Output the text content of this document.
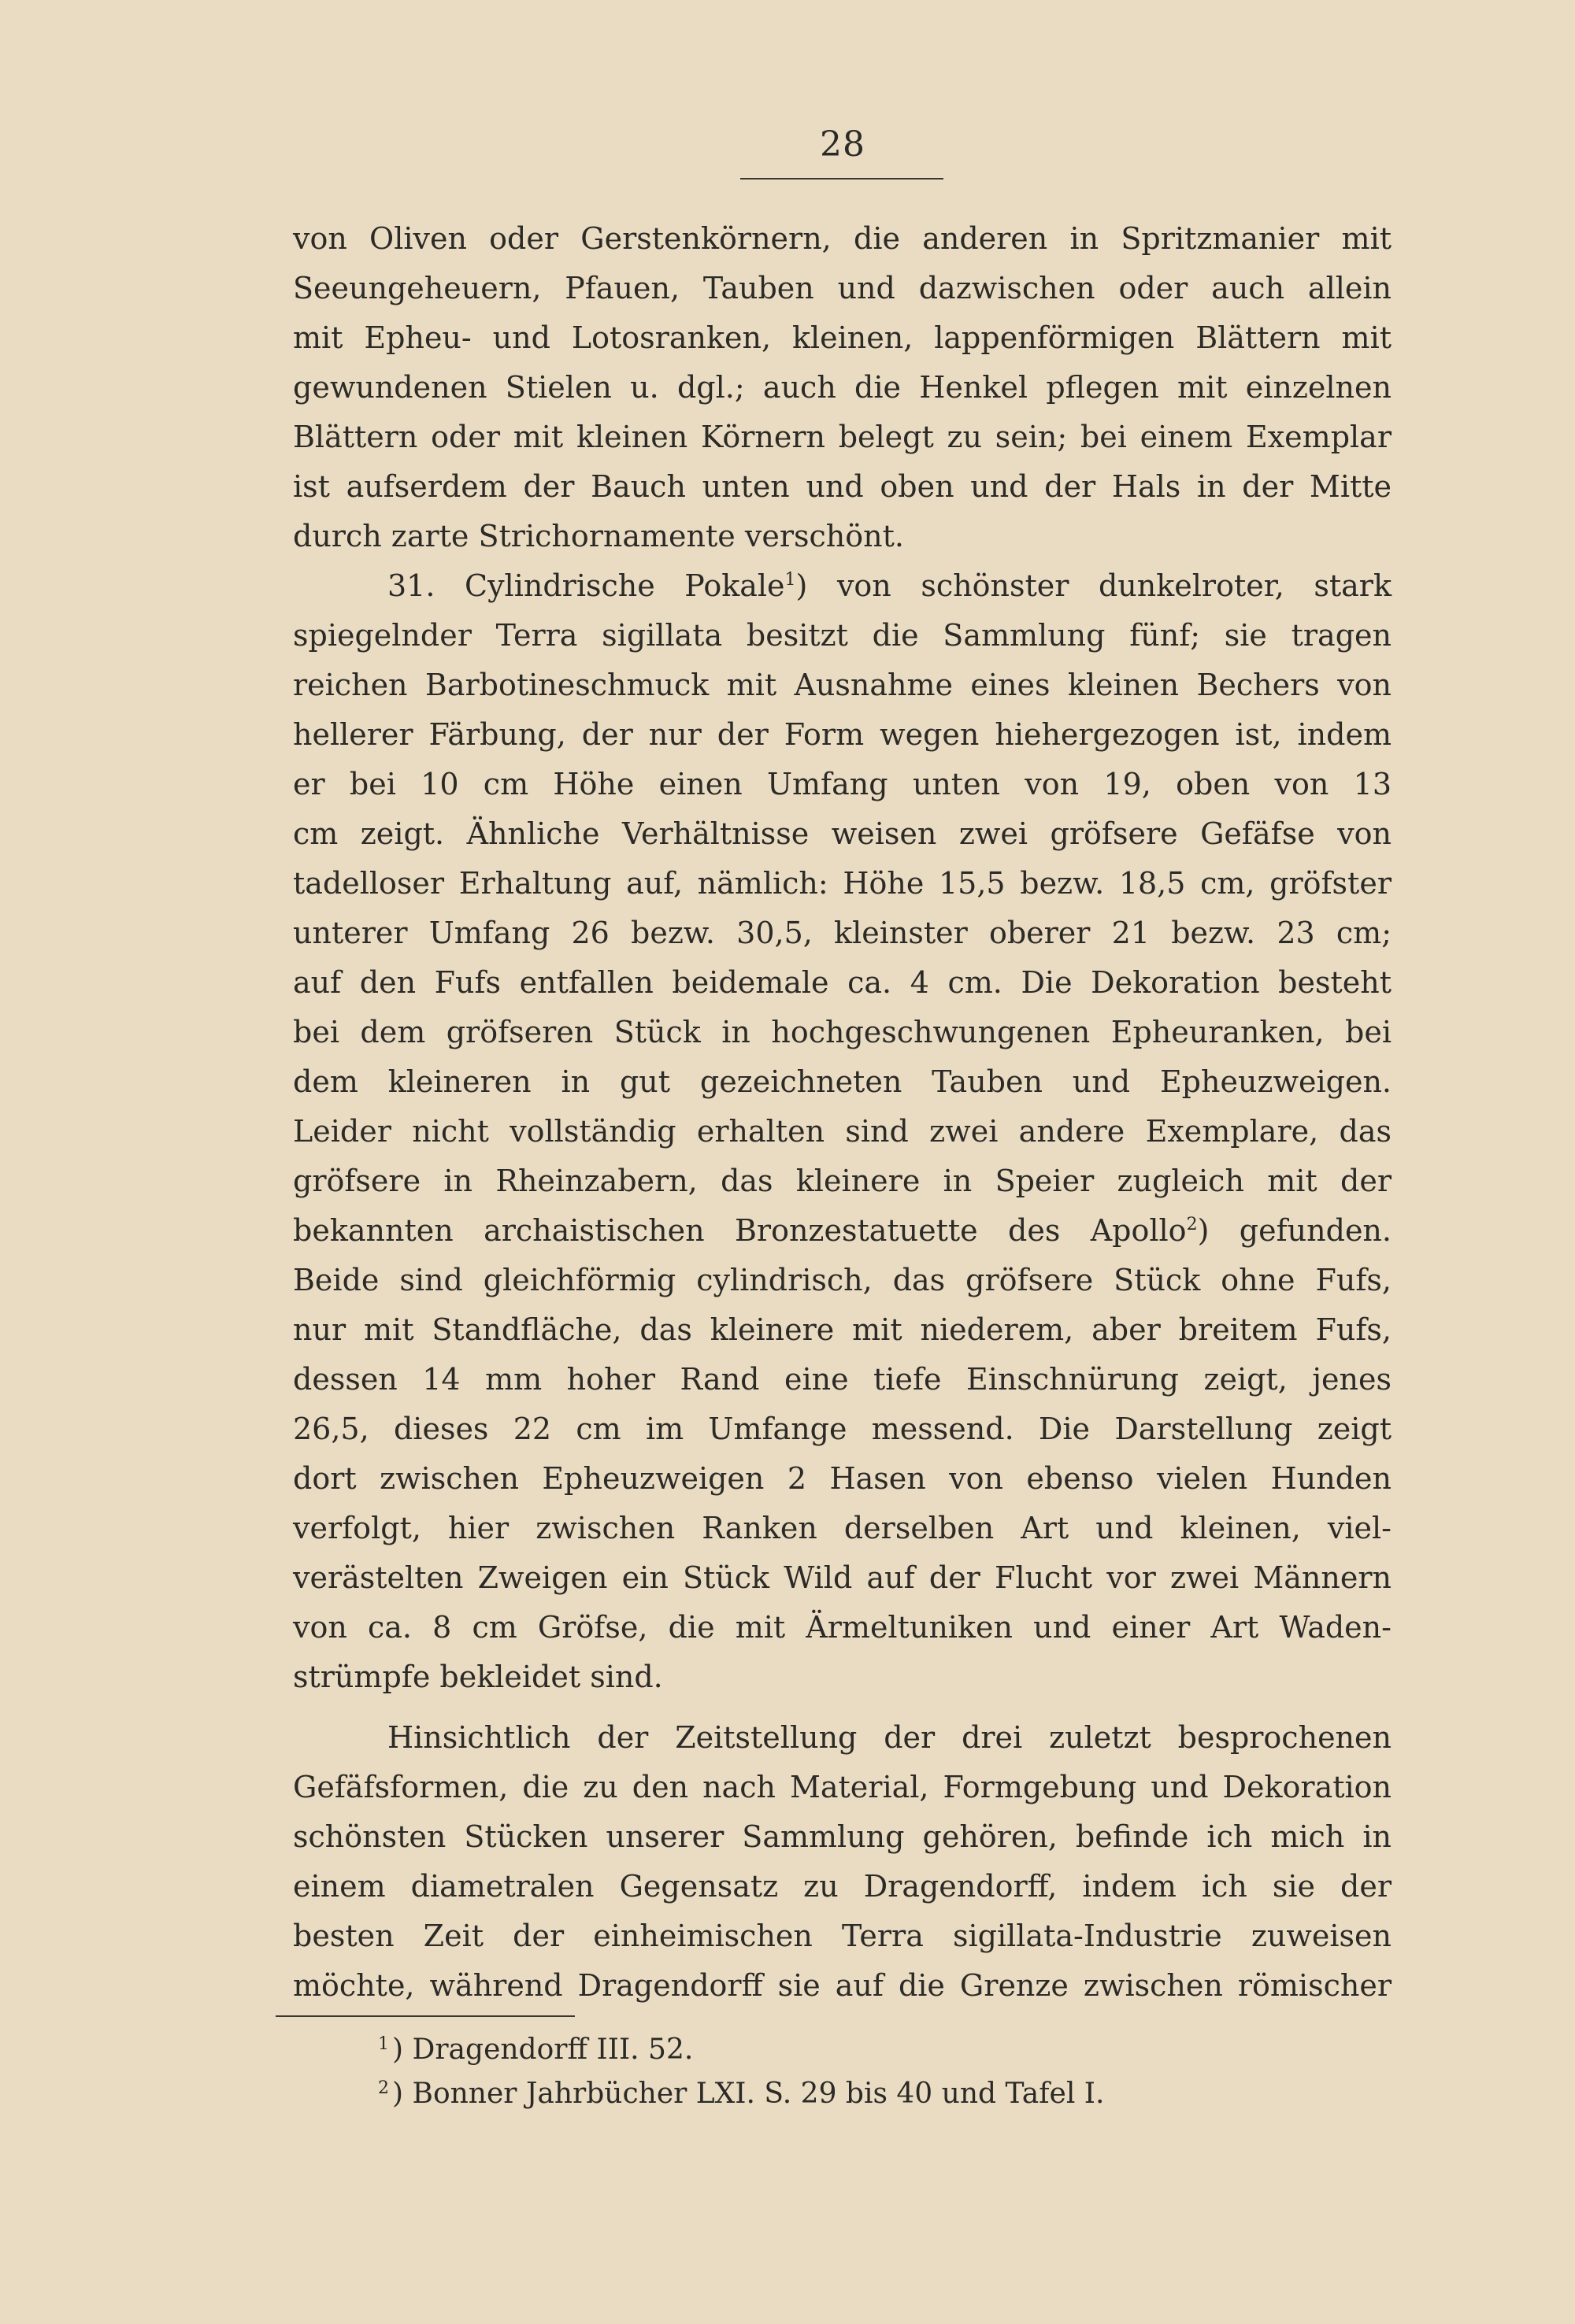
28
von Oliven oder Gerstenkörnern, die anderen in Spritzmanier mit
Seeungeheuern, Pfauen, Tauben und dazwischen oder auch allein
mit Epheu- und Lotosranken, kleinen, lappenförmigen Blättern mit
gewundenen Stielen u. dgl.; auch die Henkel pflegen mit einzelnen
Blättern oder mit kleinen Körnern belegt zu sein; bei einem Exemplar
ist aufserdem der Bauch unten und oben und der Hals in der Mitte
durch zarte Strichornamente verschönt.
31. Cylindrische Pokale$^1$) von schönster dunkelroter, stark
spiegelnder Terra sigillata besitzt die Sammlung fünf; sie tragen
reichen Barbotineschmuck mit Ausnahme eines kleinen Bechers von
hellerer Färbung, der nur der Form wegen hiehergezogen ist, indem
er bei 10 cm Höhe einen Umfang unten von 19, oben von 13
cm zeigt. Ähnliche Verhältnisse weisen zwei gröfsere Gefäfse von
tadelloser Erhaltung auf, nämlich: Höhe 15,5 bezw. 18,5 cm, gröfster
unterer Umfang 26 bezw. 30,5, kleinster oberer 21 bezw. 23 cm;
auf den Fufs entfallen beidemale ca. 4 cm. Die Dekoration besteht
bei dem gröfseren Stück in hochgeschwungenen Epheuranken, bei
dem kleineren in gut gezeichneten Tauben und Epheuzweigen.
Leider nicht vollständig erhalten sind zwei andere Exemplare, das
gröfsere in Rheinzabern, das kleinere in Speier zugleich mit der
bekannten archaistischen Bronzestatuette des Apollo$^2$) gefunden.
Beide sind gleichförmig cylindrisch, das gröfsere Stück ohne Fufs,
nur mit Standfläche, das kleinere mit niederem, aber breitem Fufs,
dessen 14 mm hoher Rand eine tiefe Einschnürung zeigt, jenes
26,5, dieses 22 cm im Umfange messend. Die Darstellung zeigt
dort zwischen Epheuzweigen 2 Hasen von ebenso vielen Hunden
verfolgt, hier zwischen Ranken derselben Art und kleinen, viel-
verästelten Zweigen ein Stück Wild auf der Flucht vor zwei Männern
von ca. 8 cm Gröfse, die mit Ärmeltuniken und einer Art Waden-
strümpfe bekleidet sind.
Hinsichtlich der Zeitstellung der drei zuletzt besprochenen
Gefäfsformen, die zu den nach Material, Formgebung und Dekoration
schönsten Stücken unserer Sammlung gehören, befinde ich mich in
einem diametralen Gegensatz zu Dragendorff, indem ich sie der
besten Zeit der einheimischen Terra sigillata-Industrie zuweisen
möchte, während Dragendorff sie auf die Grenze zwischen römischer
$^1$ ) Dragendorff III. 52.
$^2$ ) Bonner Jahrbücher LXI. S. 29 bis 40 und Tafel I.
